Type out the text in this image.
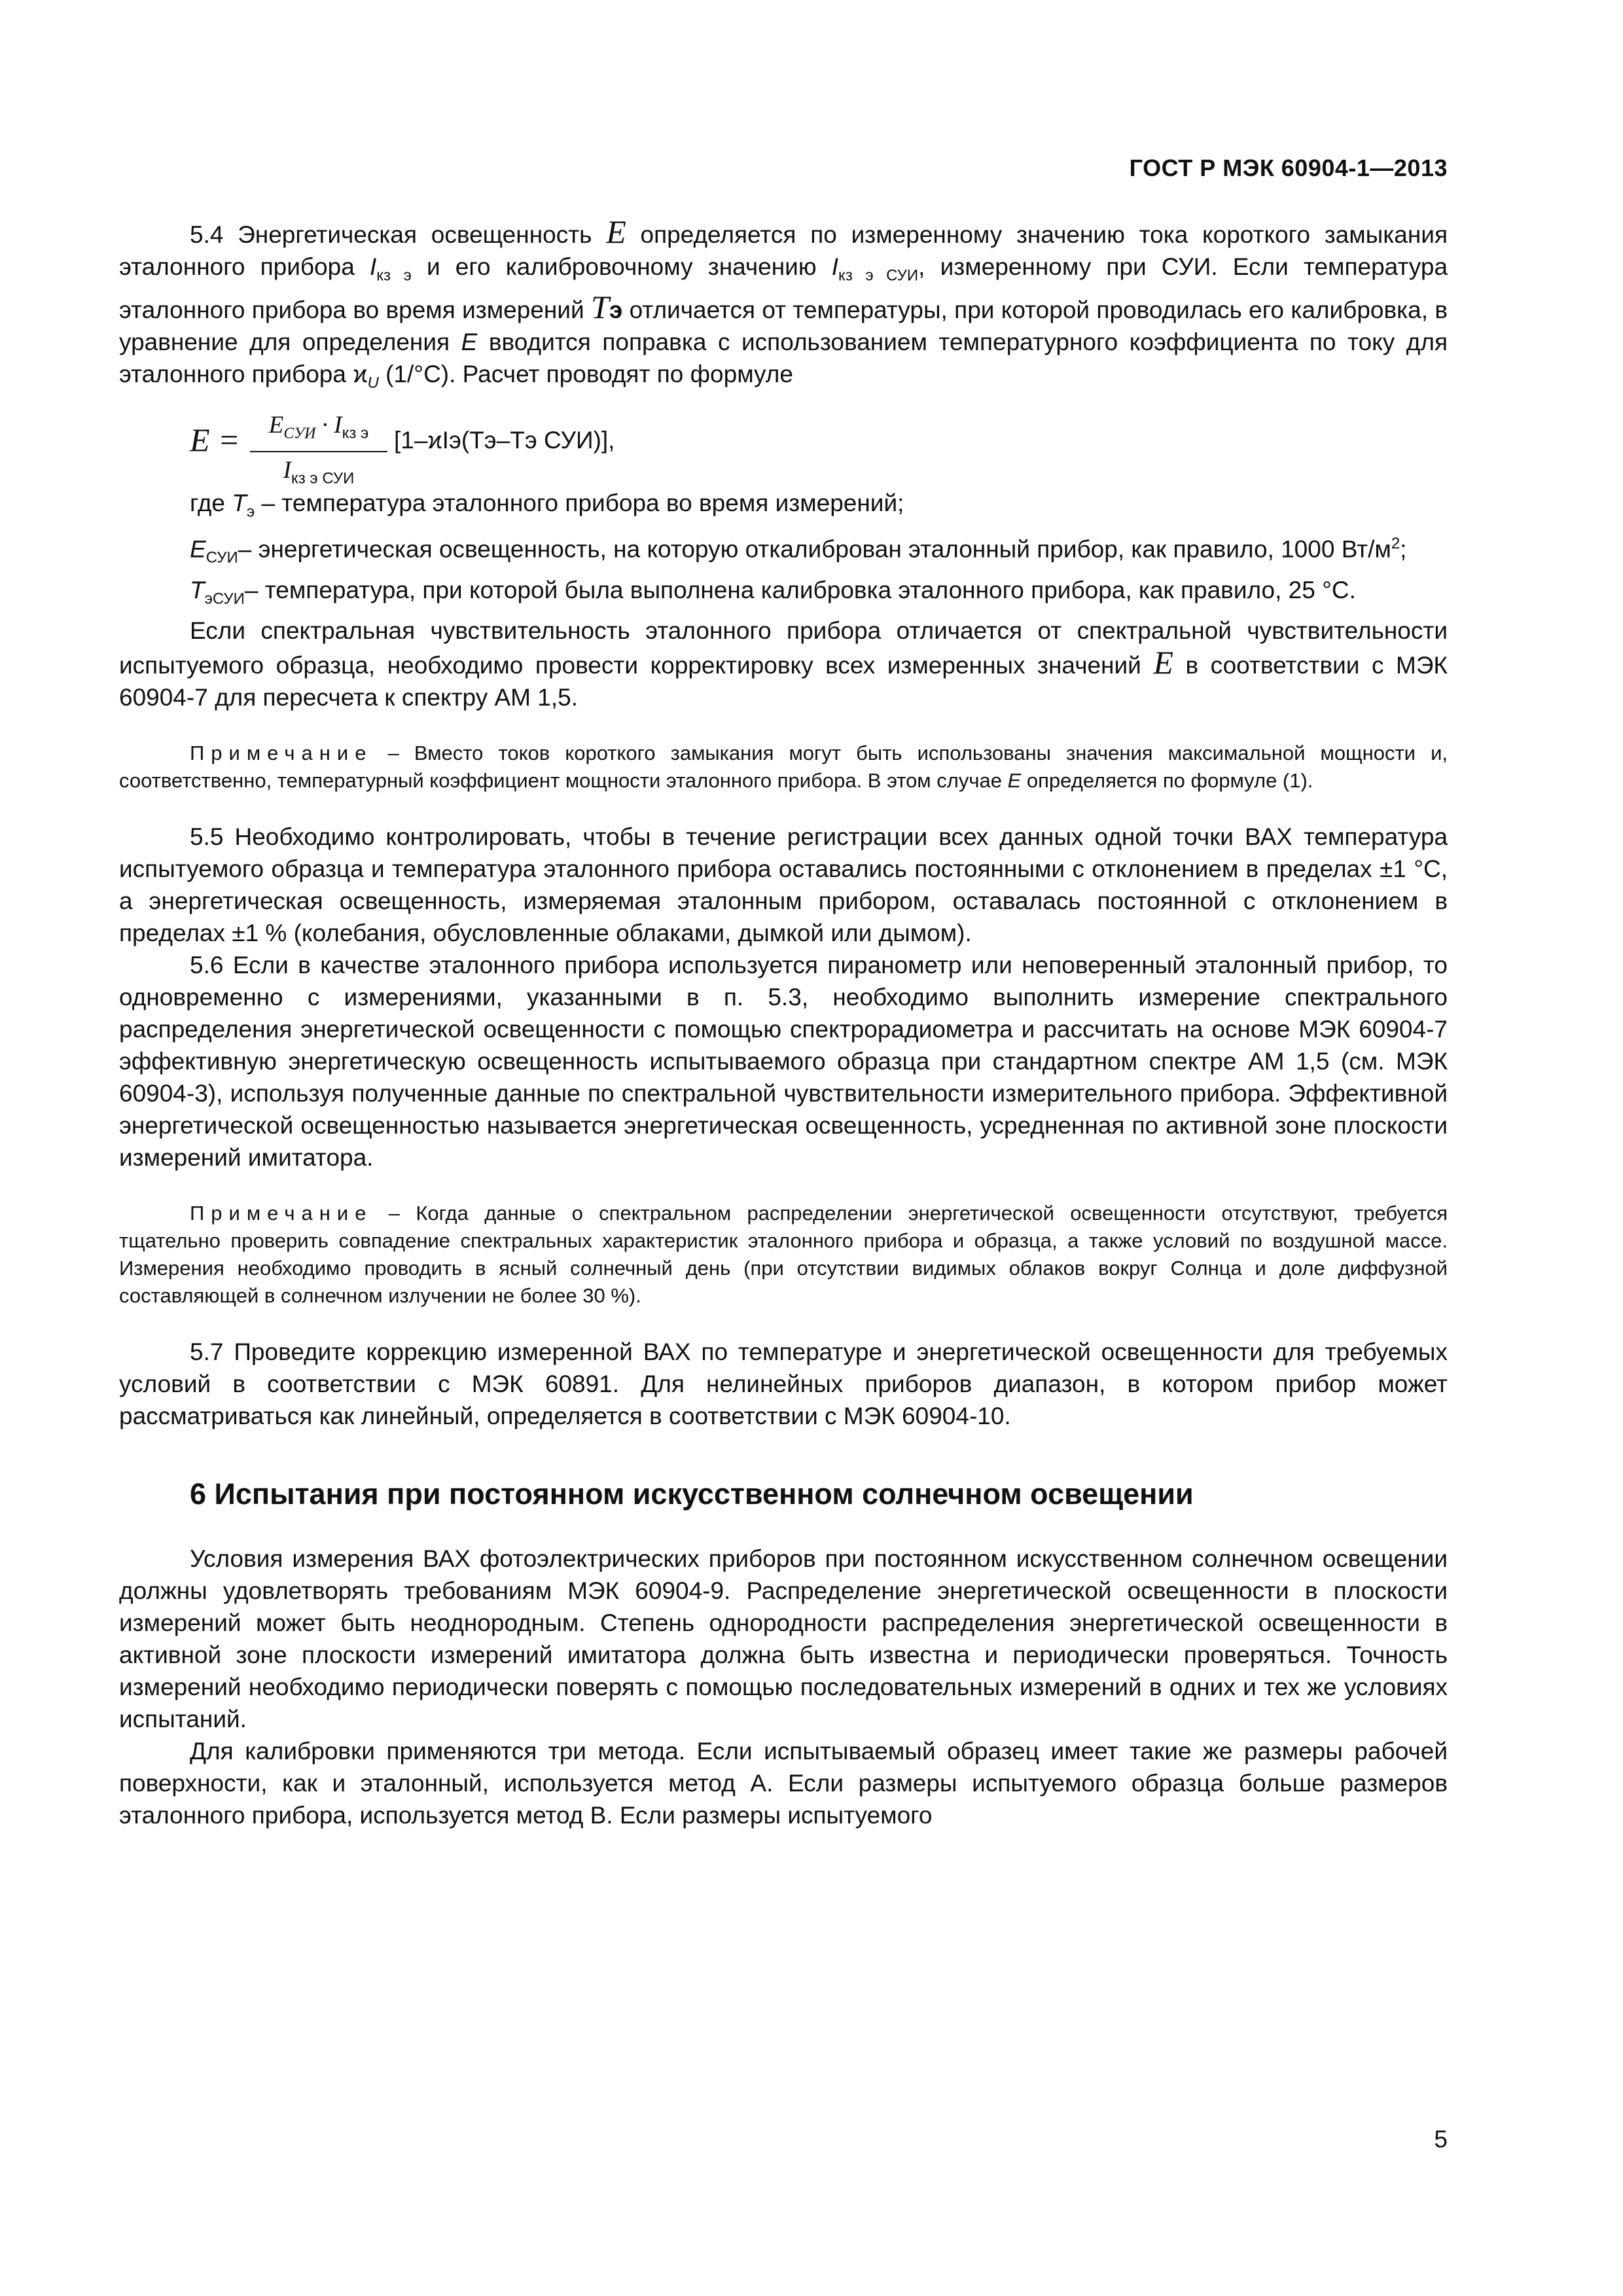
ГОСТ Р МЭК 60904-1—2013

5.4 Энергетическая освещенность E определяется по измеренному значению тока короткого замыкания эталонного прибора $I_{кз э}$ и его калибровочному значению $I_{кз э СУИ}$, измеренному при СУИ. Если температура эталонного прибора во время измерений Tэ отличается от температуры, при которой проводилась его калибровка, в уравнение для определения E вводится поправка с использованием температурного коэффициента по току для эталонного прибора $ϰ_U$ (1/°С). Расчет проводят по формуле

E =	$E_{СУИ} \cdot I_{кз э}$
$I_{кз э СУИ}$
[1–ϰIэ(Tэ–Tэ СУИ)],

где $T_э$ – температура эталонного прибора во время измерений;

$E_{СУИ}-$ энергетическая освещенность, на которую откалиброван эталонный прибор, как правило, 1000 $Вт/м^2$;

$T_{эСУИ}-$ температура, при которой была выполнена калибровка эталонного прибора, как правило, 25 °С.

Если спектральная чувствительность эталонного прибора отличается от спектральной чувствительности испытуемого образца, необходимо провести корректировку всех измеренных значений E в соответствии с МЭК 60904-7 для пересчета к спектру АМ 1,5.

Примечание – Вместо токов короткого замыкания могут быть использованы значения максимальной мощности и, соответственно, температурный коэффициент мощности эталонного прибора. В этом случае E определяется по формуле (1).

5.5 Необходимо контролировать, чтобы в течение регистрации всех данных одной точки ВАХ температура испытуемого образца и температура эталонного прибора оставались постоянными с отклонением в пределах ±1 °С, а энергетическая освещенность, измеряемая эталонным прибором, оставалась постоянной с отклонением в пределах ±1 % (колебания, обусловленные облаками, дымкой или дымом).

5.6 Если в качестве эталонного прибора используется пиранометр или неповеренный эталонный прибор, то одновременно с измерениями, указанными в п. 5.3, необходимо выполнить измерение спектрального распределения энергетической освещенности с помощью спектрорадиометра и рассчитать на основе МЭК 60904-7 эффективную энергетическую освещенность испытываемого образца при стандартном спектре АМ 1,5 (см. МЭК 60904-3), используя полученные данные по спектральной чувствительности измерительного прибора. Эффективной энергетической освещенностью называется энергетическая освещенность, усредненная по активной зоне плоскости измерений имитатора.

Примечание – Когда данные о спектральном распределении энергетической освещенности отсутствуют, требуется тщательно проверить совпадение спектральных характеристик эталонного прибора и образца, а также условий по воздушной массе. Измерения необходимо проводить в ясный солнечный день (при отсутствии видимых облаков вокруг Солнца и доле диффузной составляющей в солнечном излучении не более 30 %).

5.7 Проведите коррекцию измеренной ВАХ по температуре и энергетической освещенности для требуемых условий в соответствии с МЭК 60891. Для нелинейных приборов диапазон, в котором прибор может рассматриваться как линейный, определяется в соответствии с МЭК 60904-10.

6 Испытания при постоянном искусственном солнечном освещении

Условия измерения ВАХ фотоэлектрических приборов при постоянном искусственном солнечном освещении должны удовлетворять требованиям МЭК 60904-9. Распределение энергетической освещенности в плоскости измерений может быть неоднородным. Степень однородности распределения энергетической освещенности в активной зоне плоскости измерений имитатора должна быть известна и периодически проверяться. Точность измерений необходимо периодически поверять с помощью последовательных измерений в одних и тех же условиях испытаний.

Для калибровки применяются три метода. Если испытываемый образец имеет такие же размеры рабочей поверхности, как и эталонный, используется метод А. Если размеры испытуемого образца больше размеров эталонного прибора, используется метод В. Если размеры испытуемого

5
